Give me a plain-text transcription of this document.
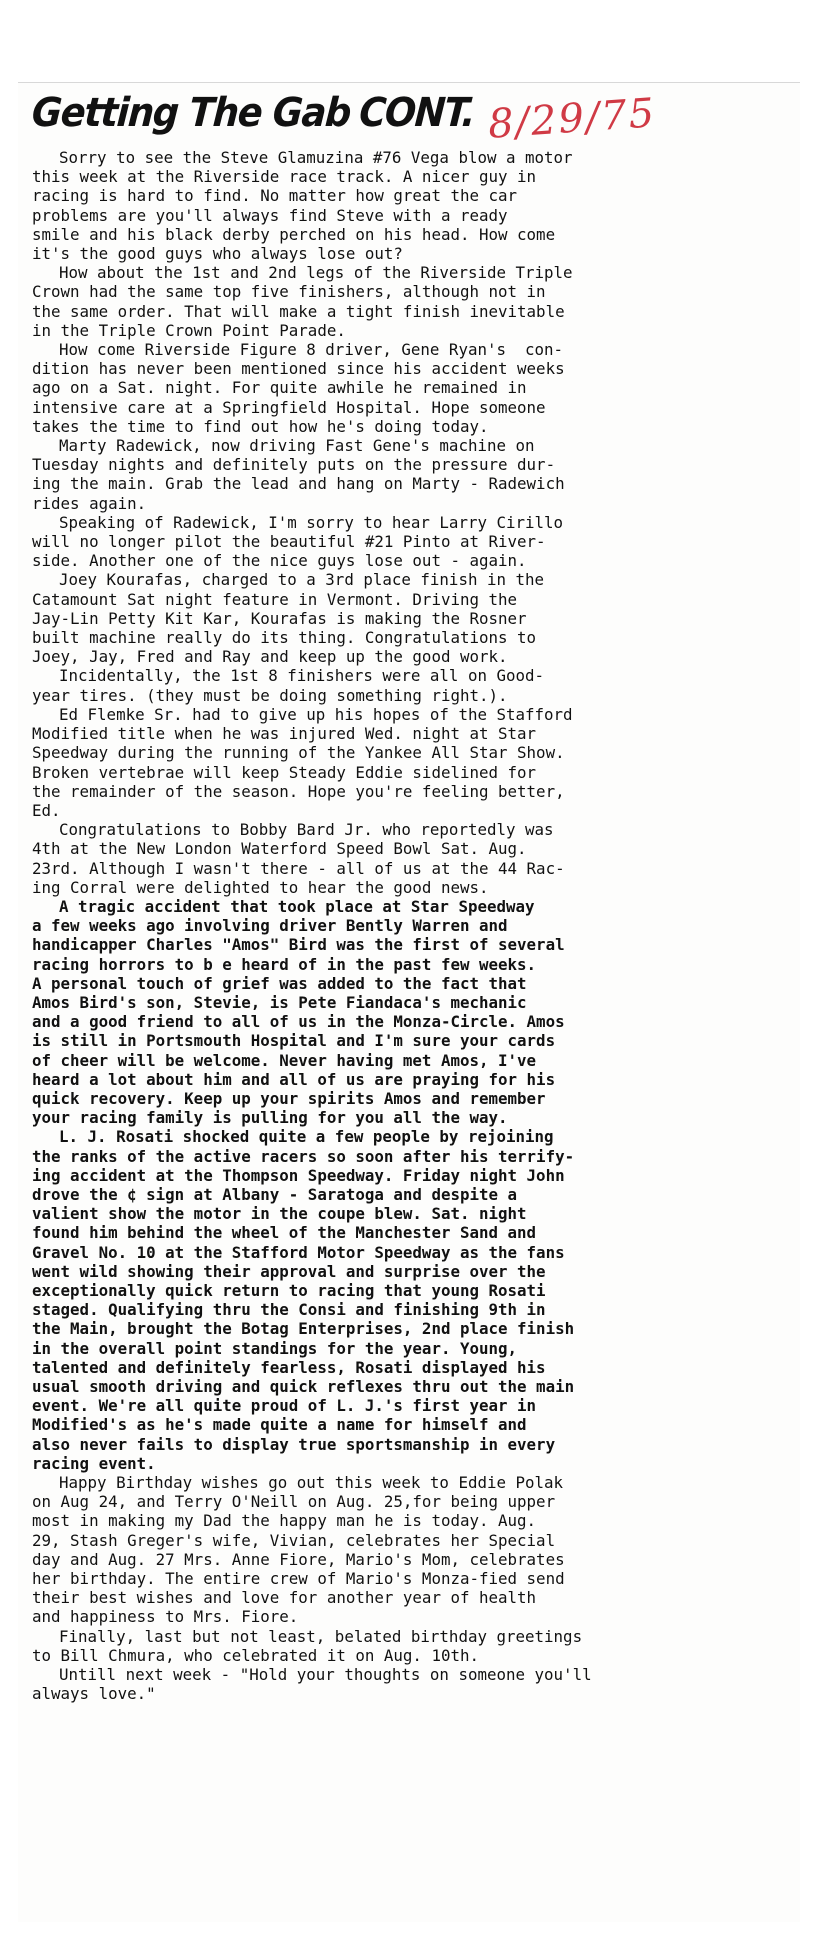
Getting The Gab CONT. 8/29/75
Sorry to see the Steve Glamuzina #76 Vega blow a motor
this week at the Riverside race track. A nicer guy in
racing is hard to find. No matter how great the car
problems are you'll always find Steve with a ready
smile and his black derby perched on his head. How come
it's the good guys who always lose out?
How about the 1st and 2nd legs of the Riverside Triple
Crown had the same top five finishers, although not in
the same order. That will make a tight finish inevitable
in the Triple Crown Point Parade.
How come Riverside Figure 8 driver, Gene Ryan's  con-
dition has never been mentioned since his accident weeks
ago on a Sat. night. For quite awhile he remained in
intensive care at a Springfield Hospital. Hope someone
takes the time to find out how he's doing today.
Marty Radewick, now driving Fast Gene's machine on
Tuesday nights and definitely puts on the pressure dur-
ing the main. Grab the lead and hang on Marty - Radewich
rides again.
Speaking of Radewick, I'm sorry to hear Larry Cirillo
will no longer pilot the beautiful #21 Pinto at River-
side. Another one of the nice guys lose out - again.
Joey Kourafas, charged to a 3rd place finish in the
Catamount Sat night feature in Vermont. Driving the
Jay-Lin Petty Kit Kar, Kourafas is making the Rosner
built machine really do its thing. Congratulations to
Joey, Jay, Fred and Ray and keep up the good work.
Incidentally, the 1st 8 finishers were all on Good-
year tires. (they must be doing something right.).
Ed Flemke Sr. had to give up his hopes of the Stafford
Modified title when he was injured Wed. night at Star
Speedway during the running of the Yankee All Star Show.
Broken vertebrae will keep Steady Eddie sidelined for
the remainder of the season. Hope you're feeling better,
Ed.
Congratulations to Bobby Bard Jr. who reportedly was
4th at the New London Waterford Speed Bowl Sat. Aug.
23rd. Although I wasn't there - all of us at the 44 Rac-
ing Corral were delighted to hear the good news.
A tragic accident that took place at Star Speedway
a few weeks ago involving driver Bently Warren and
handicapper Charles "Amos" Bird was the first of several
racing horrors to b e heard of in the past few weeks.
A personal touch of grief was added to the fact that
Amos Bird's son, Stevie, is Pete Fiandaca's mechanic
and a good friend to all of us in the Monza-Circle. Amos
is still in Portsmouth Hospital and I'm sure your cards
of cheer will be welcome. Never having met Amos, I've
heard a lot about him and all of us are praying for his
quick recovery. Keep up your spirits Amos and remember
your racing family is pulling for you all the way.
L. J. Rosati shocked quite a few people by rejoining
the ranks of the active racers so soon after his terrify-
ing accident at the Thompson Speedway. Friday night John
drove the ¢ sign at Albany - Saratoga and despite a
valient show the motor in the coupe blew. Sat. night
found him behind the wheel of the Manchester Sand and
Gravel No. 10 at the Stafford Motor Speedway as the fans
went wild showing their approval and surprise over the
exceptionally quick return to racing that young Rosati
staged. Qualifying thru the Consi and finishing 9th in
the Main, brought the Botag Enterprises, 2nd place finish
in the overall point standings for the year. Young,
talented and definitely fearless, Rosati displayed his
usual smooth driving and quick reflexes thru out the main
event. We're all quite proud of L. J.'s first year in
Modified's as he's made quite a name for himself and
also never fails to display true sportsmanship in every
racing event.
Happy Birthday wishes go out this week to Eddie Polak
on Aug 24, and Terry O'Neill on Aug. 25,for being upper
most in making my Dad the happy man he is today. Aug.
29, Stash Greger's wife, Vivian, celebrates her Special
day and Aug. 27 Mrs. Anne Fiore, Mario's Mom, celebrates
her birthday. The entire crew of Mario's Monza-fied send
their best wishes and love for another year of health
and happiness to Mrs. Fiore.
Finally, last but not least, belated birthday greetings
to Bill Chmura, who celebrated it on Aug. 10th.
Untill next week - "Hold your thoughts on someone you'll
always love."
